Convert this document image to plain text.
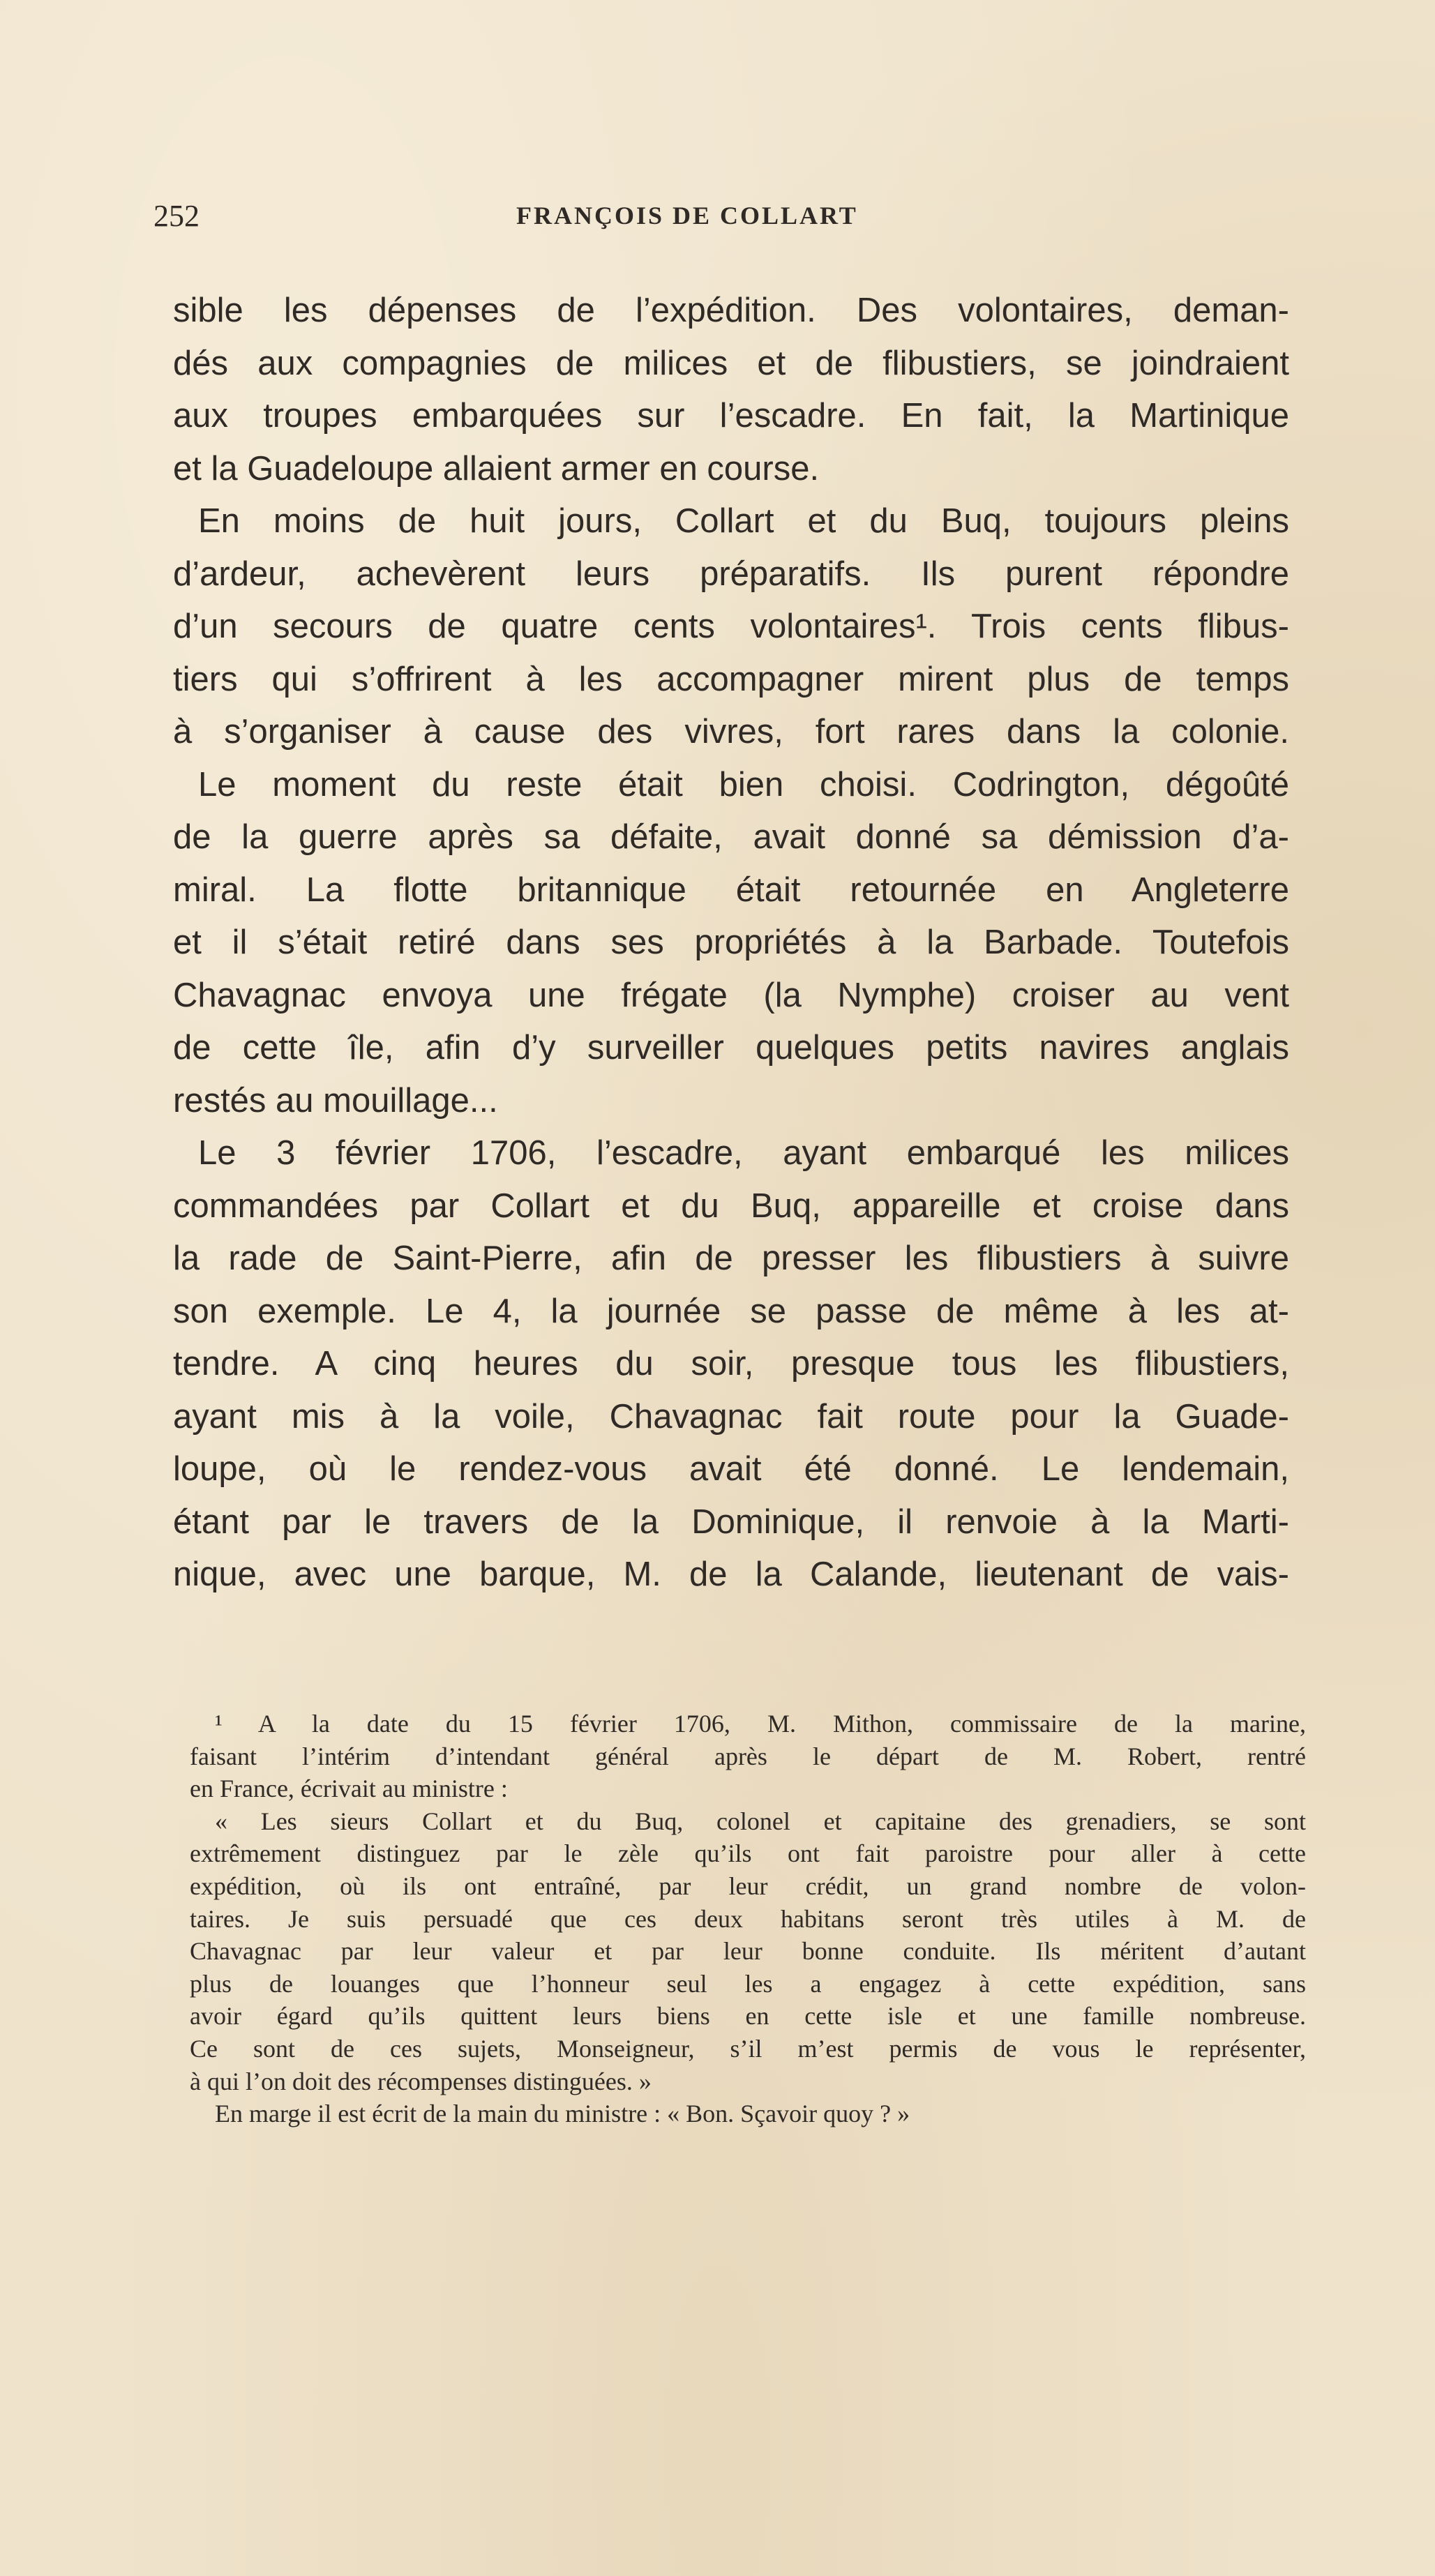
252	FRANÇOIS DE COLLART
sible les dépenses de l’expédition. Des volontaires, deman-
dés aux compagnies de milices et de flibustiers, se joindraient
aux troupes embarquées sur l’escadre. En fait, la Martinique
et la Guadeloupe allaient armer en course.
En moins de huit jours, Collart et du Buq, toujours pleins
d’ardeur, achevèrent leurs préparatifs. Ils purent répondre
d’un secours de quatre cents volontaires¹. Trois cents flibus-
tiers qui s’offrirent à les accompagner mirent plus de temps
à s’organiser à cause des vivres, fort rares dans la colonie.
Le moment du reste était bien choisi. Codrington, dégoûté
de la guerre après sa défaite, avait donné sa démission d’a-
miral. La flotte britannique était retournée en Angleterre
et il s’était retiré dans ses propriétés à la Barbade. Toutefois
Chavagnac envoya une frégate (la Nymphe) croiser au vent
de cette île, afin d’y surveiller quelques petits navires anglais
restés au mouillage...
Le 3 février 1706, l’escadre, ayant embarqué les milices
commandées par Collart et du Buq, appareille et croise dans
la rade de Saint-Pierre, afin de presser les flibustiers à suivre
son exemple. Le 4, la journée se passe de même à les at-
tendre. A cinq heures du soir, presque tous les flibustiers,
ayant mis à la voile, Chavagnac fait route pour la Guade-
loupe, où le rendez-vous avait été donné. Le lendemain,
étant par le travers de la Dominique, il renvoie à la Marti-
nique, avec une barque, M. de la Calande, lieutenant de vais-
¹ A la date du 15 février 1706, M. Mithon, commissaire de la marine,
faisant l’intérim d’intendant général après le départ de M. Robert, rentré
en France, écrivait au ministre :
« Les sieurs Collart et du Buq, colonel et capitaine des grenadiers, se sont
extrêmement distinguez par le zèle qu’ils ont fait paroistre pour aller à cette
expédition, où ils ont entraîné, par leur crédit, un grand nombre de volon-
taires. Je suis persuadé que ces deux habitans seront très utiles à M. de
Chavagnac par leur valeur et par leur bonne conduite. Ils méritent d’autant
plus de louanges que l’honneur seul les a engagez à cette expédition, sans
avoir égard qu’ils quittent leurs biens en cette isle et une famille nombreuse.
Ce sont de ces sujets, Monseigneur, s’il m’est permis de vous le représenter,
à qui l’on doit des récompenses distinguées. »
En marge il est écrit de la main du ministre : « Bon. Sçavoir quoy ? »
